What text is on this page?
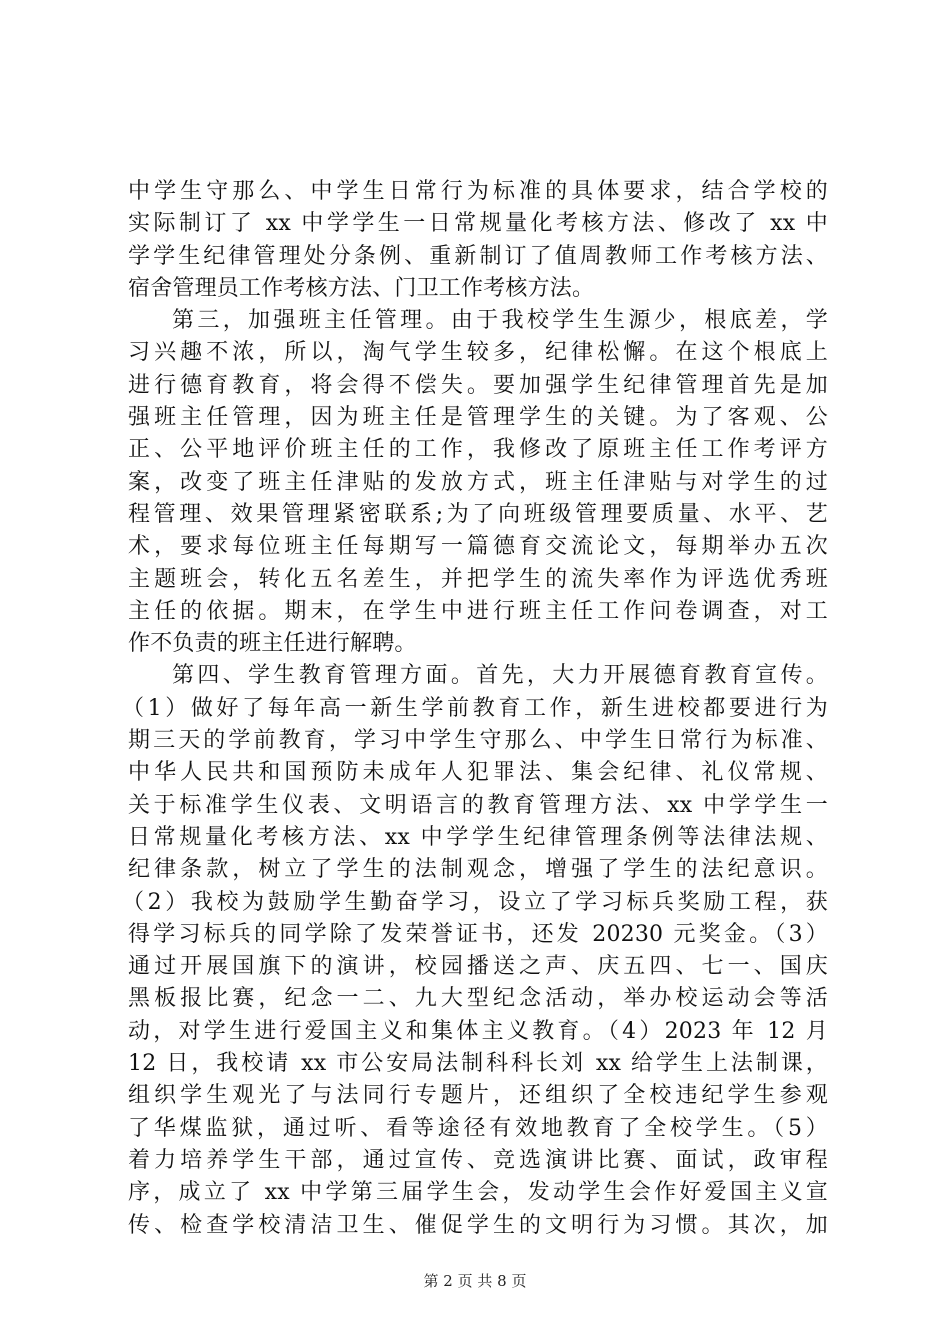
中学生守那么、中学生日常行为标准的具体要求，结合学校的
实际制订了 xx 中学学生一日常规量化考核方法、修改了 xx 中
学学生纪律管理处分条例、重新制订了值周教师工作考核方法、
宿舍管理员工作考核方法、门卫工作考核方法。
第三，加强班主任管理。由于我校学生生源少，根底差，学
习兴趣不浓，所以，淘气学生较多，纪律松懈。在这个根底上
进行德育教育，将会得不偿失。要加强学生纪律管理首先是加
强班主任管理，因为班主任是管理学生的关键。为了客观、公
正、公平地评价班主任的工作，我修改了原班主任工作考评方
案，改变了班主任津贴的发放方式，班主任津贴与对学生的过
程管理、效果管理紧密联系;为了向班级管理要质量、水平、艺
术，要求每位班主任每期写一篇德育交流论文，每期举办五次
主题班会，转化五名差生，并把学生的流失率作为评选优秀班
主任的依据。期末，在学生中进行班主任工作问卷调查，对工
作不负责的班主任进行解聘。
第四、学生教育管理方面。首先，大力开展德育教育宣传。
（1）做好了每年高一新生学前教育工作，新生进校都要进行为
期三天的学前教育，学习中学生守那么、中学生日常行为标准、
中华人民共和国预防未成年人犯罪法、集会纪律、礼仪常规、
关于标准学生仪表、文明语言的教育管理方法、xx 中学学生一
日常规量化考核方法、xx 中学学生纪律管理条例等法律法规、
纪律条款，树立了学生的法制观念，增强了学生的法纪意识。
（2）我校为鼓励学生勤奋学习，设立了学习标兵奖励工程，获
得学习标兵的同学除了发荣誉证书，还发 20230 元奖金。（3）
通过开展国旗下的演讲，校园播送之声、庆五四、七一、国庆
黑板报比赛，纪念一二、九大型纪念活动，举办校运动会等活
动，对学生进行爱国主义和集体主义教育。（4）2023 年 12 月
12 日，我校请 xx 市公安局法制科科长刘 xx 给学生上法制课，
组织学生观光了与法同行专题片，还组织了全校违纪学生参观
了华煤监狱，通过听、看等途径有效地教育了全校学生。（5）
着力培养学生干部，通过宣传、竞选演讲比赛、面试，政审程
序，成立了 xx 中学第三届学生会，发动学生会作好爱国主义宣
传、检查学校清洁卫生、催促学生的文明行为习惯。其次，加
第 2 页 共 8 页
